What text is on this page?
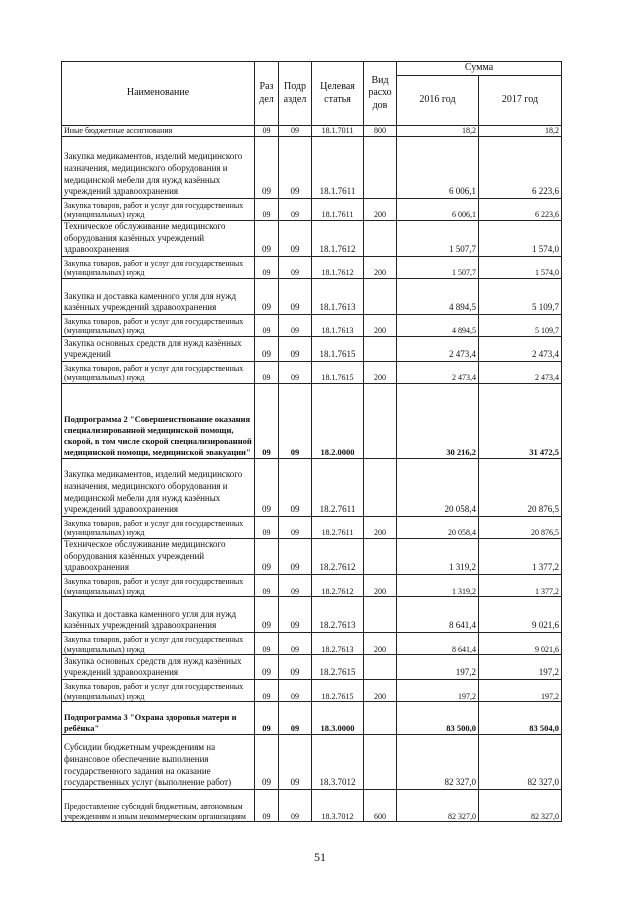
Наименование	Раз дел	Подр аздел	Целевая статья	Вид расхо дов	Сумма	
					2016 год	2017 год
Иные бюджетные ассигнования	09	09	18.1.7011	800	18,2	18,2
Закупка медикаментов, изделий медицинского назначения, медицинского оборудования и медицинской мебели для нужд казённых учреждений здравоохранения	09	09	18.1.7611		6 006,1	6 223,6
Закупка товаров, работ и услуг для государственных (муниципальных) нужд	09	09	18.1.7611	200	6 006,1	6 223,6
Техническое обслуживание медицинского оборудования казённых учреждений здравоохранения	09	09	18.1.7612		1 507,7	1 574,0
Закупка товаров, работ и услуг для государственных (муниципальных) нужд	09	09	18.1.7612	200	1 507,7	1 574,0
Закупка и доставка каменного угля для нужд казённых учреждений здравоохранения	09	09	18.1.7613		4 894,5	5 109,7
Закупка товаров, работ и услуг для государственных (муниципальных) нужд	09	09	18.1.7613	200	4 894,5	5 109,7
Закупка основных средств для нужд казённых учреждений	09	09	18.1.7615		2 473,4	2 473,4
Закупка товаров, работ и услуг для государственных (муниципальных) нужд	09	09	18.1.7615	200	2 473,4	2 473,4
Подпрограмма 2 "Совершенствование оказания специализированной медицинской помощи, скорой, в том числе скорой специализированной медицинской помощи, медицинской эвакуации"	09	09	18.2.0000		30 216,2	31 472,5
Закупка медикаментов, изделий медицинского назначения, медицинского оборудования и медицинской мебели для нужд казённых учреждений здравоохранения	09	09	18.2.7611		20 058,4	20 876,5
Закупка товаров, работ и услуг для государственных (муниципальных) нужд	09	09	18.2.7611	200	20 058,4	20 876,5
Техническое обслуживание медицинского оборудования казённых учреждений здравоохранения	09	09	18.2.7612		1 319,2	1 377,2
Закупка товаров, работ и услуг для государственных (муниципальных) нужд	09	09	18.2.7612	200	1 319,2	1 377,2
Закупка и доставка каменного угля для нужд казённых учреждений здравоохранения	09	09	18.2.7613		8 641,4	9 021,6
Закупка товаров, работ и услуг для государственных (муниципальных) нужд	09	09	18.2.7613	200	8 641,4	9 021,6
Закупка основных средств для нужд казённых учреждений здравоохранения	09	09	18.2.7615		197,2	197,2
Закупка товаров, работ и услуг для государственных (муниципальных) нужд	09	09	18.2.7615	200	197,2	197,2
Подпрограмма 3 "Охрана здоровья матери и ребёнка"	09	09	18.3.0000		83 500,0	83 504,0
Субсидии бюджетным учреждениям на финансовое обеспечение выполнения государственного задания на оказание государственных услуг (выполнение работ)	09	09	18.3.7012		82 327,0	82 327,0
Предоставление субсидий бюджетным, автономным учреждениям и иным некоммерческим организациям	09	09	18.3.7012	600	82 327,0	82 327,0
51
